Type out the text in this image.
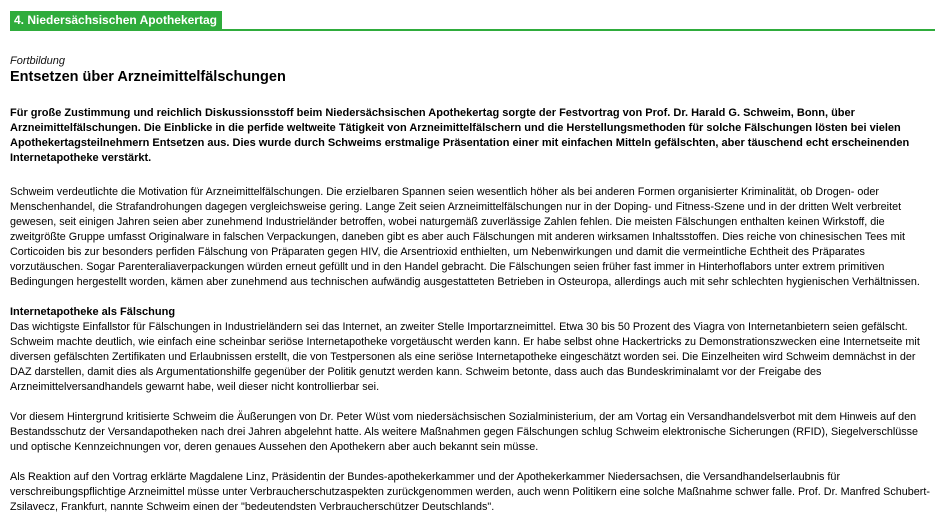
4. Niedersächsischen Apothekertag

Fortbildung

Entsetzen über Arzneimittelfälschungen

Für große Zustimmung und reichlich Diskussionsstoff beim Niedersächsischen Apothekertag sorgte der Festvortrag von Prof. Dr. Harald G. Schweim, Bonn, über Arzneimittelfälschungen. Die Einblicke in die perfide weltweite Tätigkeit von Arzneimittelfälschern und die Herstellungsmethoden für solche Fälschungen lösten bei vielen Apothekertagsteilnehmern Entsetzen aus. Dies wurde durch Schweims erstmalige Präsentation einer mit einfachen Mitteln gefälschten, aber täuschend echt erscheinenden Internetapotheke verstärkt.

Schweim verdeutlichte die Motivation für Arzneimittelfälschungen. Die erzielbaren Spannen seien wesentlich höher als bei anderen Formen organisierter Kriminalität, ob Drogen- oder Menschenhandel, die Strafandrohungen dagegen vergleichsweise gering. Lange Zeit seien Arzneimittelfälschungen nur in der Doping- und Fitness-Szene und in der dritten Welt verbreitet gewesen, seit einigen Jahren seien aber zunehmend Industrieländer betroffen, wobei naturgemäß zuverlässige Zahlen fehlen. Die meisten Fälschungen enthalten keinen Wirkstoff, die zweitgrößte Gruppe umfasst Originalware in falschen Verpackungen, daneben gibt es aber auch Fälschungen mit anderen wirksamen Inhaltsstoffen. Dies reiche von chinesischen Tees mit Corticoiden bis zur besonders perfiden Fälschung von Präparaten gegen HIV, die Arsentrioxid enthielten, um Nebenwirkungen und damit die vermeintliche Echtheit des Präparates vorzutäuschen. Sogar Parenteraliaverpackungen würden erneut gefüllt und in den Handel gebracht. Die Fälschungen seien früher fast immer in Hinterhoflabors unter extrem primitiven Bedingungen hergestellt worden, kämen aber zunehmend aus technischen aufwändig ausgestatteten Betrieben in Osteuropa, allerdings auch mit sehr schlechten hygienischen Verhältnissen.

Internetapotheke als Fälschung

Das wichtigste Einfallstor für Fälschungen in Industrieländern sei das Internet, an zweiter Stelle Importarzneimittel. Etwa 30 bis 50 Prozent des Viagra von Internetanbietern seien gefälscht. Schweim machte deutlich, wie einfach eine scheinbar seriöse Internetapotheke vorgetäuscht werden kann. Er habe selbst ohne Hackertricks zu Demonstrationszwecken eine Internetseite mit diversen gefälschten Zertifikaten und Erlaubnissen erstellt, die von Testpersonen als eine seriöse Internetapotheke eingeschätzt worden sei. Die Einzelheiten wird Schweim demnächst in der DAZ darstellen, damit dies als Argumentationshilfe gegenüber der Politik genutzt werden kann. Schweim betonte, dass auch das Bundeskriminalamt vor der Freigabe des Arzneimittelversandhandels gewarnt habe, weil dieser nicht kontrollierbar sei.

Vor diesem Hintergrund kritisierte Schweim die Äußerungen von Dr. Peter Wüst vom niedersächsischen Sozialministerium, der am Vortag ein Versandhandelsverbot mit dem Hinweis auf den Bestandsschutz der Versandapotheken nach drei Jahren abgelehnt hatte. Als weitere Maßnahmen gegen Fälschungen schlug Schweim elektronische Sicherungen (RFID), Siegelverschlüsse und optische Kennzeichnungen vor, deren genaues Aussehen den Apothekern aber auch bekannt sein müsse.

Als Reaktion auf den Vortrag erklärte Magdalene Linz, Präsidentin der Bundes-apothekerkammer und der Apothekerkammer Niedersachsen, die Versandhandelserlaubnis für verschreibungspflichtige Arzneimittel müsse unter Verbraucherschutzaspekten zurückgenommen werden, auch wenn Politikern eine solche Maßnahme schwer falle. Prof. Dr. Manfred Schubert-Zsilavecz, Frankfurt, nannte Schweim einen der "bedeutendsten Verbraucherschützer Deutschlands".
